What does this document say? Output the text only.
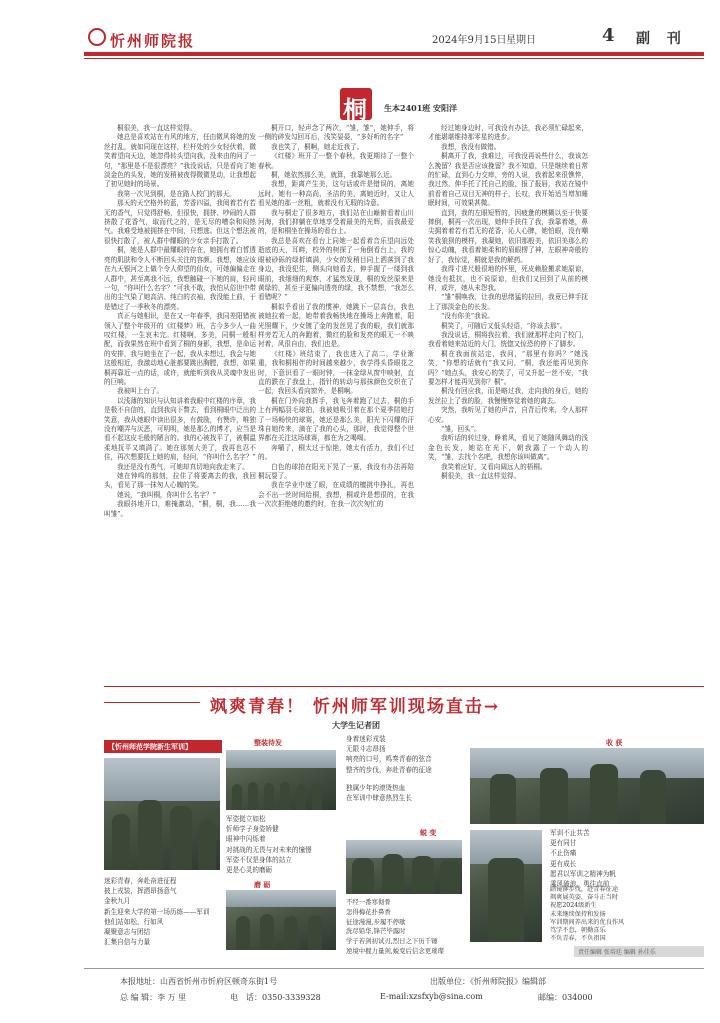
忻州师院报	2024年9月15日 星期日	4 副 刊
桐 生本2401班 安阳洋

桐很美，我一直这样觉得。

她总是喜欢站在有风的地方，任由微风将她的发丝打乱，就如同现在这样，栏杆处的少女轻伏着，微笑着望向天边，她忽得转头望向我，没来由的问了一句，“那里是不是很漂亮？”我没说话，只是看向了她淡金色的头发，她的发稍被夜得微微晃动，让我想起了初见她时的场景。

我第一次见到桐，是在路人校门的那天。

那天的天空格外的蓝，芳香四溢，我阅着若有若无的香气，只觉得舒畅，但很快，拥挤、吵闹的人群挤散了花香气，取而代之的，是无尽的嘈杂和闷热气。我难受地被拥挤在中间，只想逃。但这个想法被很快打散了，被人群中耀眼的少女亲手打散了。

桐，她是人群中最耀眼的存在，她拥有着白皙透亮的肌肤和令人不断回头关注的容颜。我想，她应该在九天银河之上做个令人仰望的仙女，可她偏偏走在人群中，甚至离我不远，我想触碰一下她的肩，轻问一句，“你叫什么名字？”可我不敢，我怕从俗世中带出的尘气染了她高洁、纯白的衣袖，我没能上前，于是错过了一季秋冬的漂亮。

真正与她相识，是在又一年春季，我同差阳错被领入了整个年级开的《红楼梦》班，古今多少人一曲叹红楼，一生哀未完。红楼啊，多美，同桐一般相配，而我果然在班中看到了桐的身影，我想，是命运的安排，我与她坐在了一起，我从未想过，我会与她这般相近，我激动地心脏都要跳出胸膛，我想，如果桐再靠近一点的话，或许，就能听到我从灵魂中发出的巨响。

我被叫上台了。

以浅薄的知识与认知讲着我眼中红楼的序章，我是极不自信的，直到我向下瞥去，看到桐眼中泛出的笑意，我从她眼中读出很多，有鼓励，有赞许，唯独没有嘲弄与厌恶，可明明，她是那么的博才，应当是看不起这皮毛般的陋言的。我的心被找平了，被桐温柔地抚平又填满了。她在那刻大美了，我再也忍不住，再次想要抚上她的肩，轻问，“你叫什么名字？”

我还是没有勇气，可她却真切地向我走来了。

她在钟鸣的那刻，拉住了将要离去的我，我回头，看见了那一抹匆人心魄的笑。

她说，“我叫桐，你叫什么名字？”

我眼抖地开口，难掩激动，“桐，桐，我……我叫雏”。

桐开口，轻声念了两次，“雏，雏”，她伸手，将一侧的碎发勾回耳后，浅笑晏晏，“多好听的名字”

我也笑了，桐啊，她走近我了。

《红楼》班开了一整个春秋，我更期待了一整个春秋。

桐，她依然那么美，就算，我靠她那么近。

我想，距离产生美，这句话或许是错误的，离她远时，她有一种高尚、圣洁的美，离她近时，又让人看见她的那一丝粗，就着没有无瑕的诗意。

我与桐走了很多地方，我们站在山巅俯看着山川河海，我们抑躺在草地享受着最美的光辉，而我最爱的，是和桐坐在操场的看台上。

我总是喜欢在看台上同她一起看着音乐望向远处逝底的天，耳畔，校外的树探了一角倒看台上，我的眼被砂砾的绿折填满，少女的发稍目同上洒落到了我身边，我没犯住，侧头向她看去，伸手握了一缕到我眼前，我细细的观察，才猛然发现，桐的发丝原来是黄绿的，甚至于更偏向透亮的绿，我不禁想，“我怎么看错呢？”

桐似乎看出了我的惯神，她跳下一层高台，我也被她拉着一起，她带着我畅快地在操场上奔跑着，阳光照耀下，少女镀了金的发丝晃了我的眼，我们就那样旁若无人的奔跑着，微红的脸和发亮的眼无一不映衬着，风很自由，我们也是。

《红楼》班结束了，我也进入了高二，学业渐重，我和桐相伴的时间越来越少，我学得头昏眼花之时，下意识看了一眼时钟，一抹金绿从窗中映射，直直的跌在了我盘上，指针的转动与那抹颜色交织在了一起，我回头看向窗外，是桐啊。

桐在门外向我挥手，我飞奔着跑了过去，桐的手上有两幅羽毛球拍，我被她吸引着在那个夏季陪她打了一场畅快的球赛，她还是那么美，阳光下闪耀的汗珠自她传来，滴在了我的心头，那时，我觉得整个世界都在关注这场球赛，都在为之喝喝。

奔嚼了，桐太过于惊艳，她太有活力，我们不过的。

白色的球拍在阳光下晃了一夏，我没有办法再陪桐玩耍了。

我在学业中迷了眼，在成绩的檀挑中挣扎，再也会不出一丝时间给桐，我想，桐或许是想很的，在我一次次拒绝她的邀约时，在我一次次匆忙的

经过她身边时，可我没有办法，我必须忙碌起来，才能堪堪维持那零星的进步。

我想，我没有做错。

桐离开了我，我难过，可我没再说些什么，我该怎么挽留？我是否应该挽留？我不知道，只是继续着日常的忙碌，直到心力交瘁，旁的人说，我着起来很憔悴，我过然，伸手托了托自己的脸，报了报唇，我站在镜中前看着自己双目无神的样子，长叹，我开始适当增加睡眠时间，可效果甚微。

直到，我的左眼短暂的，因疲惫的模糊以至于快要摔倒，桐再一次出现，她伸手扶住了我，我靠着她，鼻尖拥着着若有若无的花香，沁人心脾，她怕眼，没有嘲笑我狼狈的模样，我凝她，依旧那般美，依旧美那么的惊心动魄，我看着她柔和的眉眼楞了神，左眼神奇般的好了，我惊觉，桐就是我的解药。

我得寸进尺般很地的怀里，死皮赖脸搬求她原谅，她没有抵抗，也不说原谅，但我们又回到了从前的模样，或许，她从未怨我。

“雏”桐唤我，让我的思绪猛的拉回，我竟已伸手抚上了那淡金色的长发。

“没有你美”我说。

桐笑了，可随后又低头轻语，“你该去那”。

我没说话，桐将我拉着，我们就那样走向了校门，我看着她来站近的大门，恍惚又惊恐的停下了脚步。

桐在我面前站定，我问，“那里有你吗？”她浅笑，“你想的话就有”我又问，“桐，我还能再见到你吗？”她点头，我安心的笑了，可又升起一丝不安，“我要怎样才能再见到你？桐”。

桐没有回应我，而是略过我，走向我的身后，她的发丝拉上了我的脸，我慢慢察觉着她的离去。

突然，我听见了她的声音，自背后传来，令人那样心安。

“雏，回头”。

我听话的转过身，睁着风，看见了她随风舞动的浅金色长发，她站在光下，朝我露了一个动人的笑，“雏，去找个名吧，我想你该叫做离”。

我笑着应好，又看向阔远人的梧桐。

桐很美，我一直这样觉得。

飒爽青春！ 忻州师军训现场直击→
大学生记者团
【忻州师范学院新生军训】
迷彩青春，奔赴奋进征程
披上戎装，挥洒昂扬意气
金秋九月
新生迎来大学的第一场历练——军训
他们站如松，行如风
凝聚意志与团结
汇集自信与力量
整装待发
军姿挺立如松
忻师学子身姿矫健
眼神中闪烁着
对挑战的无畏与对未来的憧憬
军姿不仅是身体的站立
更是心灵的磨砺
磨 砺
身着迷彩戎装
无限斗志昂扬
响亮的口号，鸣奏青春的弦音
整齐的步伐，奔赴青春的征途
独属少年的滚烫热血
在军训中肆意热烈生长
蜕 变
不经一番寒彻骨
怎得梅花扑鼻香
征途漫漫,步履不停歇
洗尽铅华,锋芒毕露时
学子若剑初试刃,烈日之下历千锤
逆境中握力量剑,蜕变后信念更璀璨
收 获
军训不止共苦
更有同甘
不止伤痛
更有成长
愿君以军训之精神为帆
乘风破浪，勇往直前
踏镜铆步伐，赴青春征途
飒爽展英姿，奋斗正当时
祝愿2024级新生
未来继续保持和发扬
军训期间养出来的优良作风
笃学不怠，朝勤喜乐
不负青春，不负祖国
责任编辑 张培廷 编辑 孙佳乐
本报地址：山西省忻州市忻府区顿奇东街1号	出版单位：《忻州师院报》编辑部
总 编 辑：李 万 里	电　话：0350-3339328	E-mail:xzsfxyb@sina.com	邮编：034000
